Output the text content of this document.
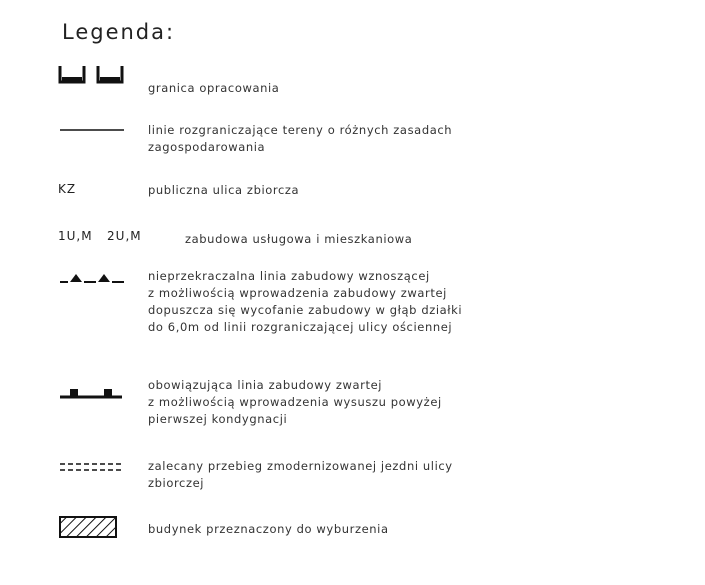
Legenda:
granica opracowania
linie rozgraniczające tereny o różnych zasadach
zagospodarowania
KZ	publiczna ulica zbiorcza
1U,M   2U,M	zabudowa usługowa i mieszkaniowa
nieprzekraczalna linia zabudowy wznoszącej
z możliwością wprowadzenia zabudowy zwartej
dopuszcza się wycofanie zabudowy w głąb działki
do 6,0m od linii rozgraniczającej ulicy ościennej
obowiązująca linia zabudowy zwartej
z możliwością wprowadzenia wysuszu powyżej
pierwszej kondygnacji
zalecany przebieg zmodernizowanej jezdni ulicy
zbiorczej
budynek przeznaczony do wyburzenia
